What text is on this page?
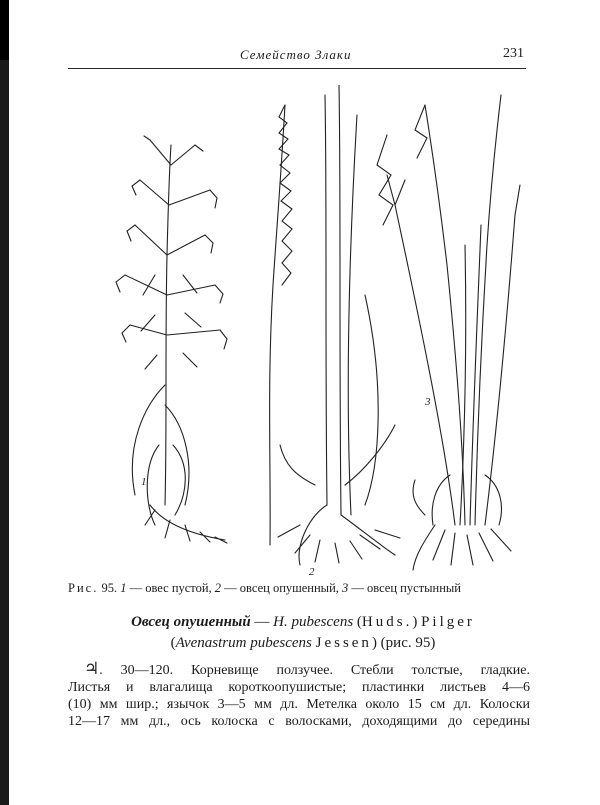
Семейство Злаки	231
1
2
3
Рис. 95. 1 — овес пустой, 2 — овсец опушенный, 3 — овсец пустынный
Овсец опушенный — H. pubescens (Huds.) Pilger
(Avenastrum pubescens Jessen) (рис. 95)
♃. 30—120. Корневище ползучее. Стебли толстые, гладкие.
Листья и влагалища короткоопушистые; пластинки листьев 4—6
(10) мм шир.; язычок 3—5 мм дл. Метелка около 15 см дл. Колоски
12—17 мм дл., ось колоска с волосками, доходящими до середины
